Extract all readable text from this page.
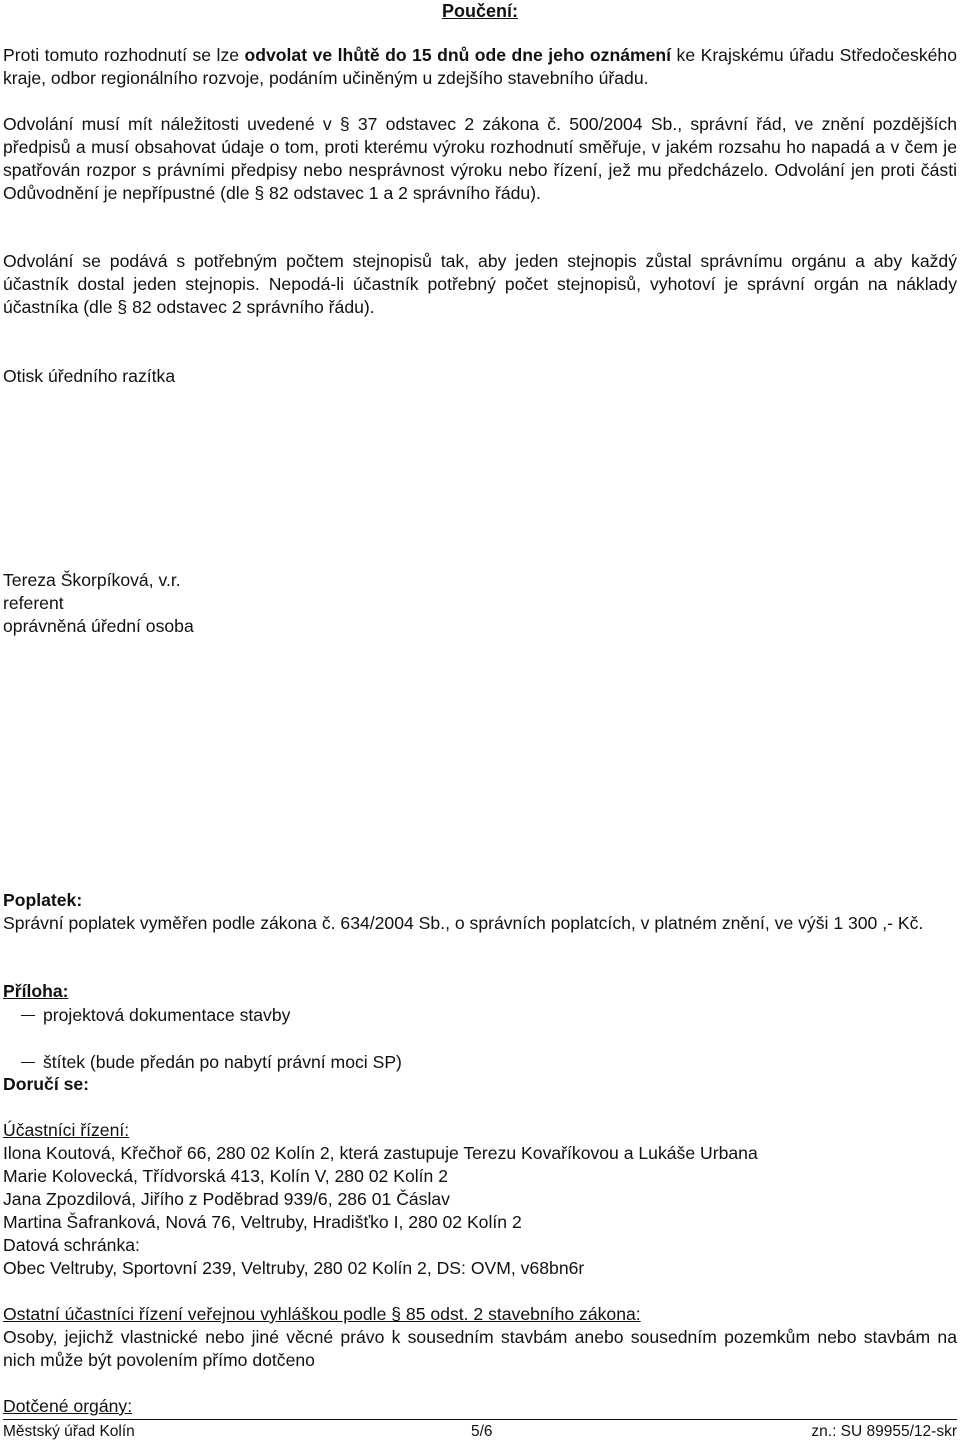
Poučení:
Proti tomuto rozhodnutí se lze odvolat ve lhůtě do 15 dnů ode dne jeho oznámení ke Krajskému úřadu Středočeského kraje, odbor regionálního rozvoje, podáním učiněným u zdejšího stavebního úřadu.
Odvolání musí mít náležitosti uvedené v § 37 odstavec 2 zákona č. 500/2004 Sb., správní řád, ve znění pozdějších předpisů a musí obsahovat údaje o tom, proti kterému výroku rozhodnutí směřuje, v jakém rozsahu ho napadá a v čem je spatřován rozpor s právními předpisy nebo nesprávnost výroku nebo řízení, jež mu předcházelo. Odvolání jen proti části Odůvodnění je nepřípustné (dle § 82 odstavec 1 a 2 správního řádu).
Odvolání se podává s potřebným počtem stejnopisů tak, aby jeden stejnopis zůstal správnímu orgánu a aby každý účastník dostal jeden stejnopis. Nepodá-li účastník potřebný počet stejnopisů, vyhotoví je správní orgán na náklady účastníka (dle § 82 odstavec 2 správního řádu).
Otisk úředního razítka
Tereza Škorpíková, v.r.
referent
oprávněná úřední osoba
Poplatek:
Správní poplatek vyměřen podle zákona č. 634/2004 Sb., o správních poplatcích, v platném znění, ve výši 1 300 ,- Kč.
Příloha:
projektová dokumentace stavby
štítek (bude předán po nabytí právní moci SP)
Doručí se:
Účastníci řízení:
Ilona Koutová, Křečhoř 66, 280 02 Kolín 2, která zastupuje Terezu Kovaříkovou a Lukáše Urbana
Marie Kolovecká, Třídvorská 413, Kolín V, 280 02 Kolín 2
Jana Zpozdilová, Jiřího z Poděbrad 939/6, 286 01 Čáslav
Martina Šafranková, Nová 76, Veltruby, Hradišťko I, 280 02 Kolín 2
Datová schránka:
Obec Veltruby, Sportovní 239, Veltruby, 280 02 Kolín 2, DS: OVM, v68bn6r
Ostatní účastníci řízení veřejnou vyhláškou podle § 85 odst. 2 stavebního zákona:
Osoby, jejichž vlastnické nebo jiné věcné právo k sousedním stavbám anebo sousedním pozemkům nebo stavbám na nich může být povolením přímo dotčeno
Dotčené orgány:
Městský úřad Kolín	5/6	zn.: SU 89955/12-skr
